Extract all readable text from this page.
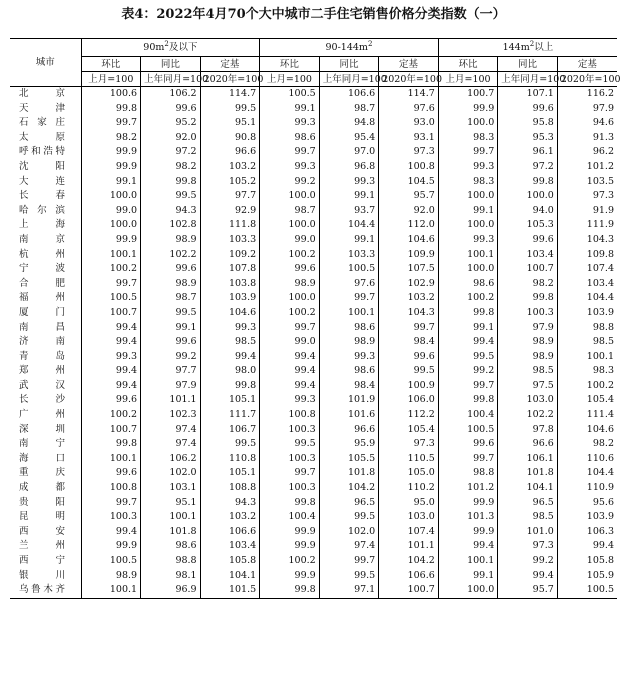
表4：2022年4月70个大中城市二手住宅销售价格分类指数（一）
城市	$90m^2$及以下			$90-144m^2$			$144m^2$以上		
	环比	同比	定基	环比	同比	定基	环比	同比	定基
	上月=100	上年同月=100	2020年=100	上月=100	上年同月=100	2020年=100	上月=100	上年同月=100	2020年=100
北京	100.6	106.2	114.7	100.5	106.6	114.7	100.7	107.1	116.2
天津	99.8	99.6	99.5	99.1	98.7	97.6	99.9	99.6	97.9
石家庄	99.7	95.2	95.1	99.3	94.8	93.0	100.0	95.8	94.6
太原	98.2	92.0	90.8	98.6	95.4	93.1	98.3	95.3	91.3
呼和浩特	99.9	97.2	96.6	99.7	97.0	97.3	99.7	96.1	96.2
沈阳	99.9	98.2	103.2	99.3	96.8	100.8	99.3	97.2	101.2
大连	99.1	99.8	105.2	99.2	99.3	104.5	98.3	99.8	103.5
长春	100.0	99.5	97.7	100.0	99.1	95.7	100.0	100.0	97.3
哈尔滨	99.0	94.3	92.9	98.7	93.7	92.0	99.1	94.0	91.9
上海	100.0	102.8	111.8	100.0	104.4	112.0	100.0	105.3	111.9
南京	99.9	98.9	103.3	99.0	99.1	104.6	99.3	99.6	104.3
杭州	100.1	102.2	109.2	100.2	103.3	109.9	100.1	103.4	109.8
宁波	100.2	99.6	107.8	99.6	100.5	107.5	100.0	100.7	107.4
合肥	99.7	98.9	103.8	98.9	97.6	102.9	98.6	98.2	103.4
福州	100.5	98.7	103.9	100.0	99.7	103.2	100.2	99.8	104.4
厦门	100.7	99.5	104.6	100.2	100.1	104.3	99.8	100.3	103.9
南昌	99.4	99.1	99.3	99.7	98.6	99.7	99.1	97.9	98.8
济南	99.4	99.6	98.5	99.0	98.9	98.4	99.4	98.9	98.5
青岛	99.3	99.2	99.4	99.4	99.3	99.6	99.5	98.9	100.1
郑州	99.4	97.7	98.0	99.4	98.6	99.5	99.2	98.5	98.3
武汉	99.4	97.9	99.8	99.4	98.4	100.9	99.7	97.5	100.2
长沙	99.6	101.1	105.1	99.3	101.9	106.0	99.8	103.0	105.4
广州	100.2	102.3	111.7	100.8	101.6	112.2	100.4	102.2	111.4
深圳	100.7	97.4	106.7	100.3	96.6	105.4	100.5	97.8	104.6
南宁	99.8	97.4	99.5	99.5	95.9	97.3	99.6	96.6	98.2
海口	100.1	106.2	110.8	100.3	105.5	110.5	99.7	106.1	110.6
重庆	99.6	102.0	105.1	99.7	101.8	105.0	98.8	101.8	104.4
成都	100.8	103.1	108.8	100.3	104.2	110.2	101.2	104.1	110.9
贵阳	99.7	95.1	94.3	99.8	96.5	95.0	99.9	96.5	95.6
昆明	100.3	100.1	103.2	100.4	99.5	103.0	101.3	98.5	103.9
西安	99.4	101.8	106.6	99.9	102.0	107.4	99.9	101.0	106.3
兰州	99.9	98.6	103.4	99.9	97.4	101.1	99.4	97.3	99.4
西宁	100.5	98.8	105.8	100.2	99.7	104.2	100.1	99.2	105.8
银川	98.9	98.1	104.1	99.9	99.5	106.6	99.1	99.4	105.9
乌鲁木齐	100.1	96.9	101.5	99.8	97.1	100.7	100.0	95.7	100.5
